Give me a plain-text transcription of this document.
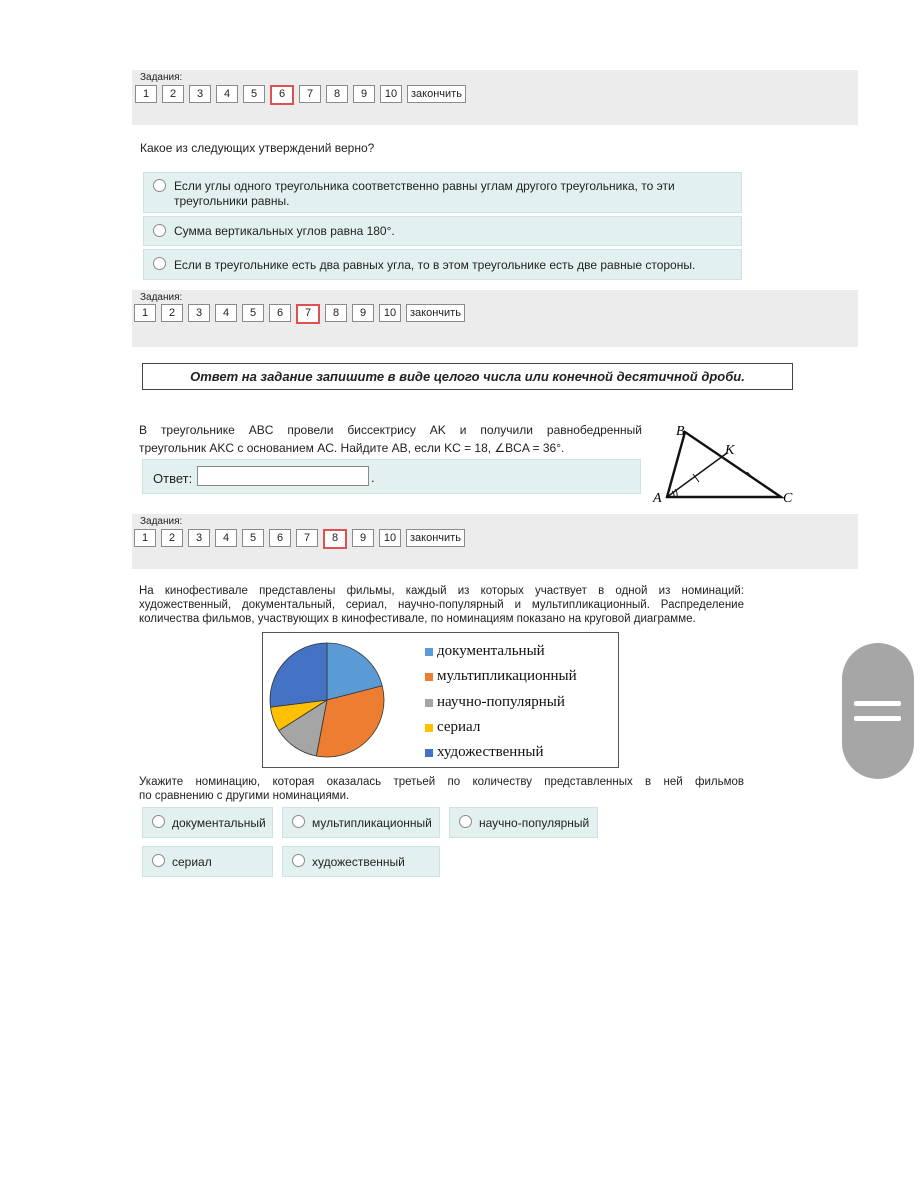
Задания:
1	2	3	4	5	6	7	8	9	10	закончить
Какое из следующих утверждений верно?
Если углы одного треугольника соответственно равны углам другого треугольника, то эти треугольники равны.
Сумма вертикальных углов равна 180°.
Если в треугольнике есть два равных угла, то в этом треугольнике есть две равные стороны.
Задания:
1	2	3	4	5	6	7	8	9	10	закончить
Ответ на задание запишите в виде целого числа или конечной десятичной дроби.
В треугольнике ABC провели биссектрису AK и получили равнобедренный
треугольник AKC с основанием AC. Найдите AB, если KC = 18, ∠BCA = 36°.
Ответ:	.
A
B
C
K
Задания:
1	2	3	4	5	6	7	8	9	10	закончить
На кинофестивале представлены фильмы, каждый из которых участвует в одной из номинаций:
художественный, документальный, сериал, научно-популярный и мультипликационный. Распределение
количества фильмов, участвующих в кинофестивале, по номинациям показано на круговой диаграмме.
документальный
мультипликационный
научно-популярный
сериал
художественный
Укажите номинацию, которая оказалась третьей по количеству представленных в ней фильмов
по сравнению с другими номинациями.
документальный	мультипликационный	научно-популярный
сериал	художественный
